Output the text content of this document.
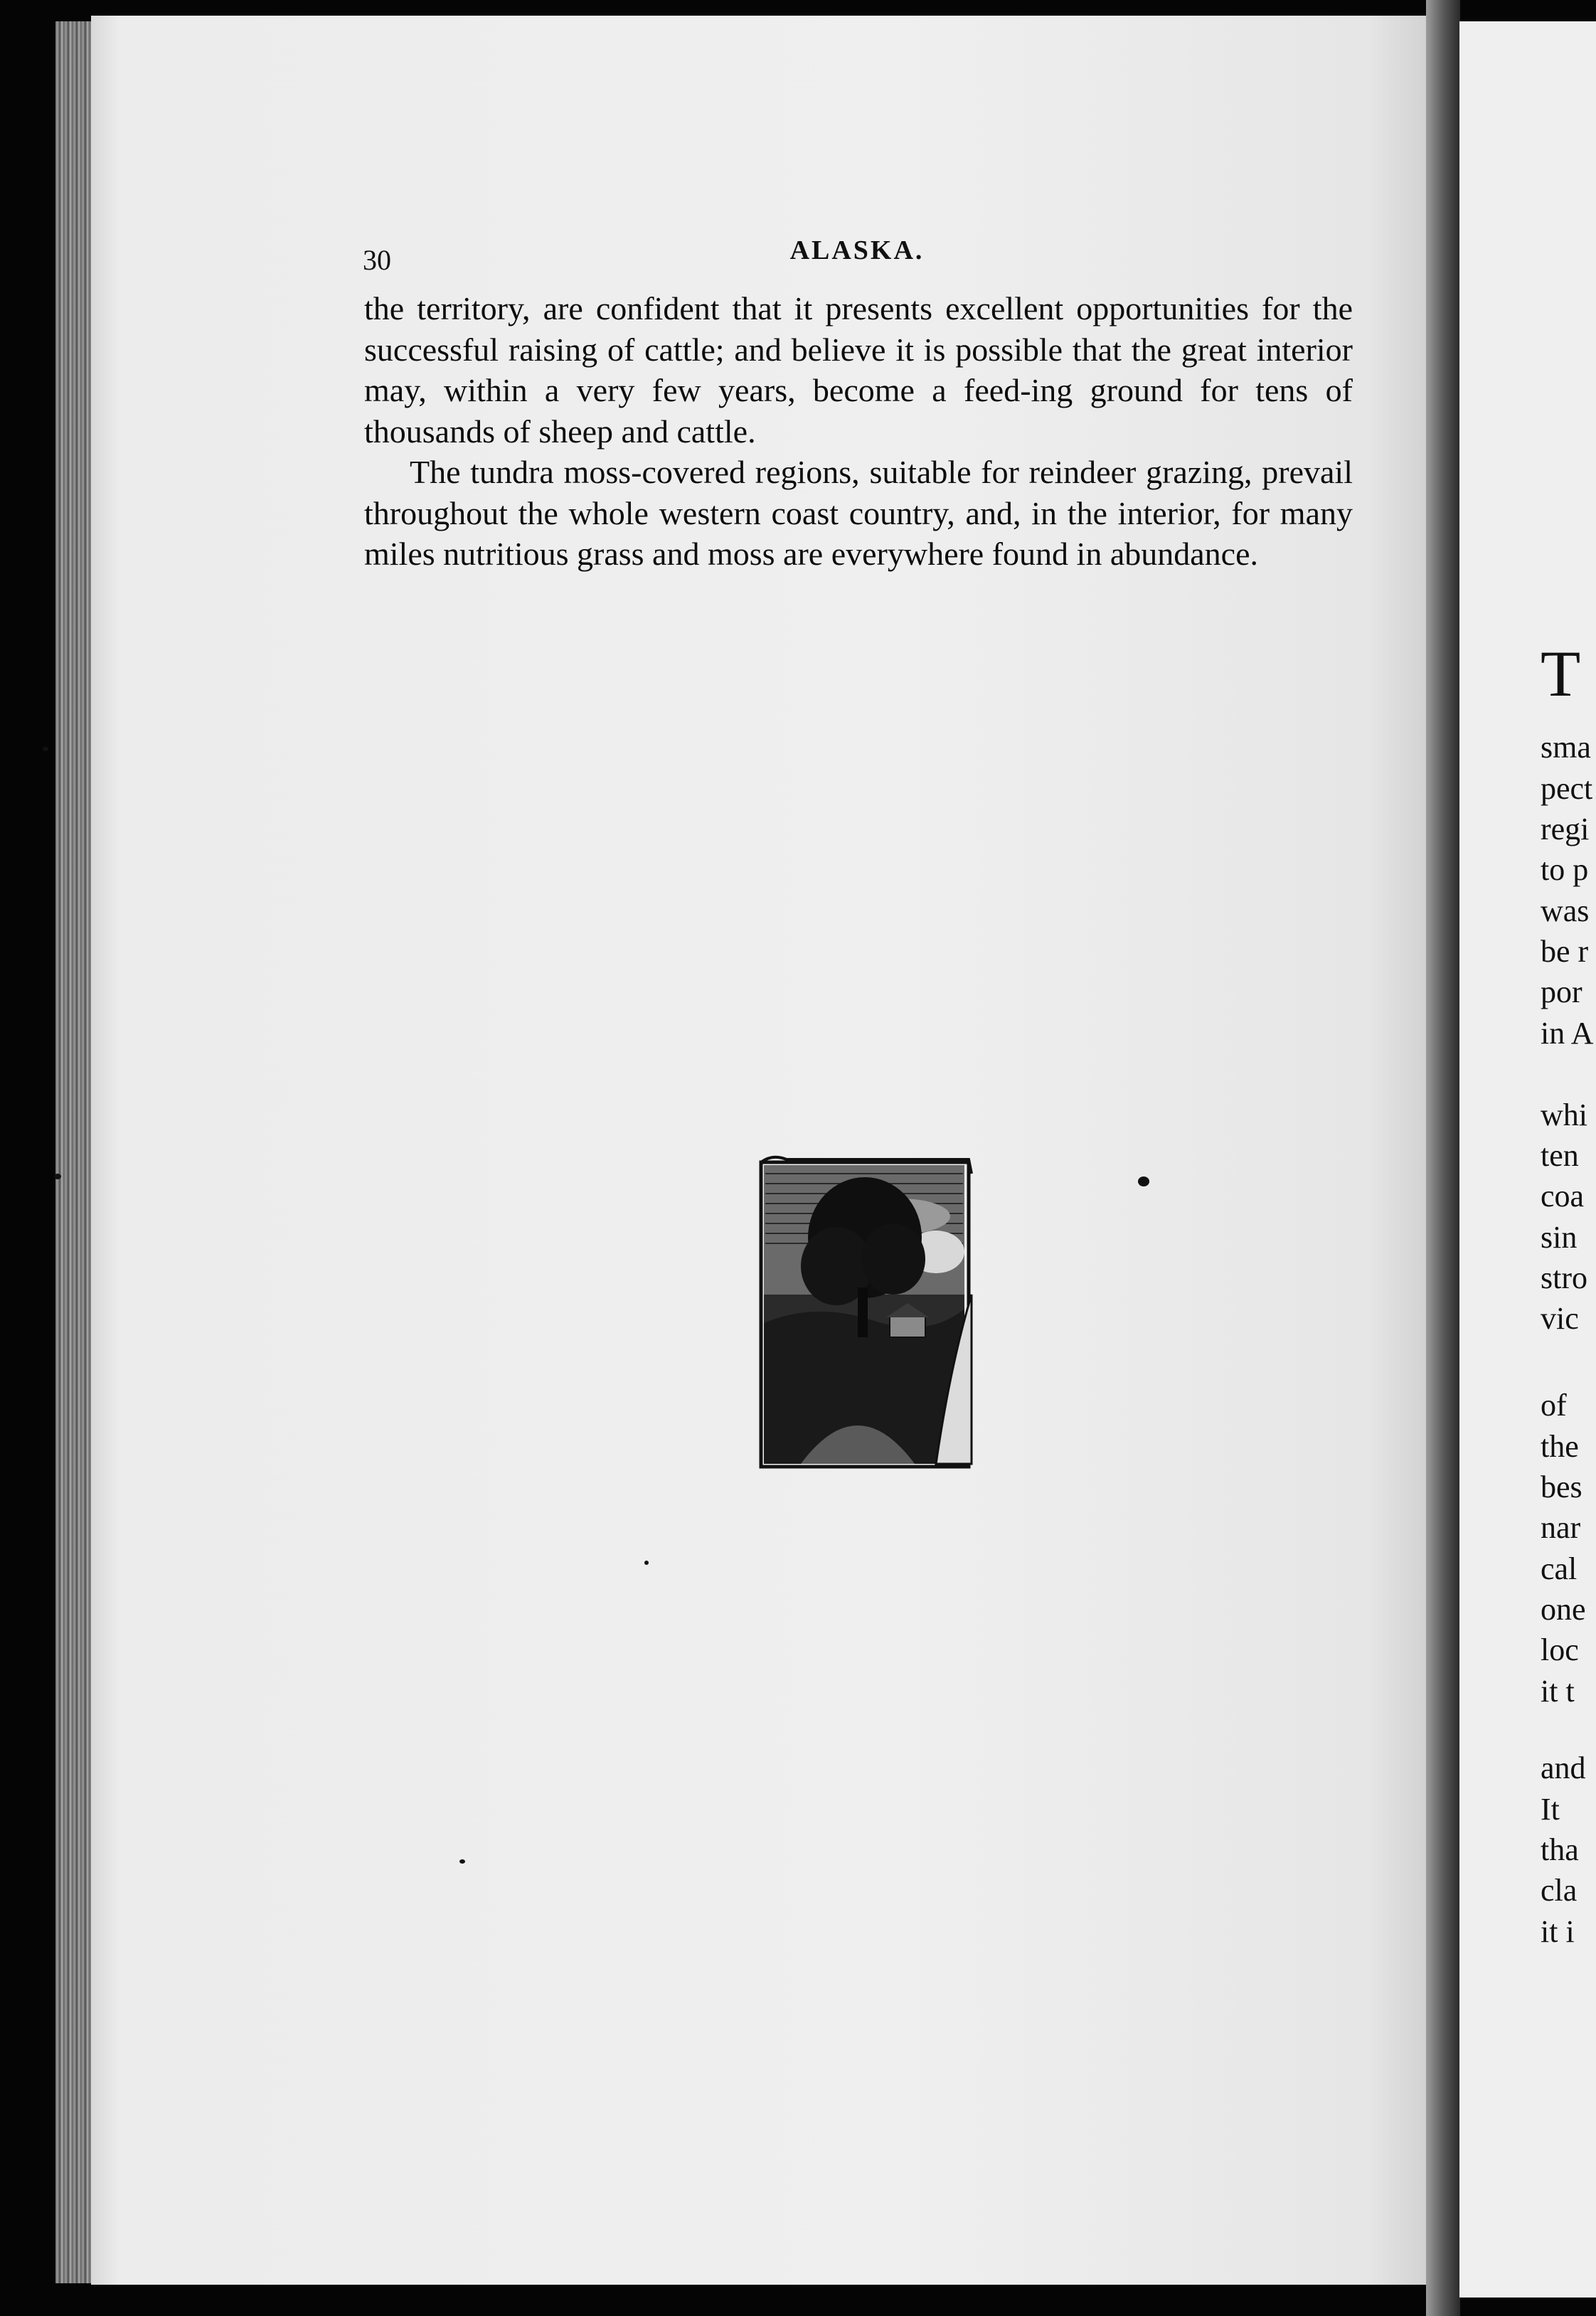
30	ALASKA.

the territory, are confident that it presents excellent opportunities for the successful raising of cattle; and believe it is possible that the great interior may, within a very few years, become a feed-ing ground for tens of thousands of sheep and cattle.

The tundra moss-covered regions, suitable for reindeer grazing, prevail throughout the whole western coast country, and, in the interior, for many miles nutritious grass and moss are everywhere found in abundance.

T
sma
pect
regi
to p
was
be r
por
in A
whi
ten
coa
sin
stro
vic
of
the
bes
nar
cal
one
loc
it t
and
It
tha
cla
it i
